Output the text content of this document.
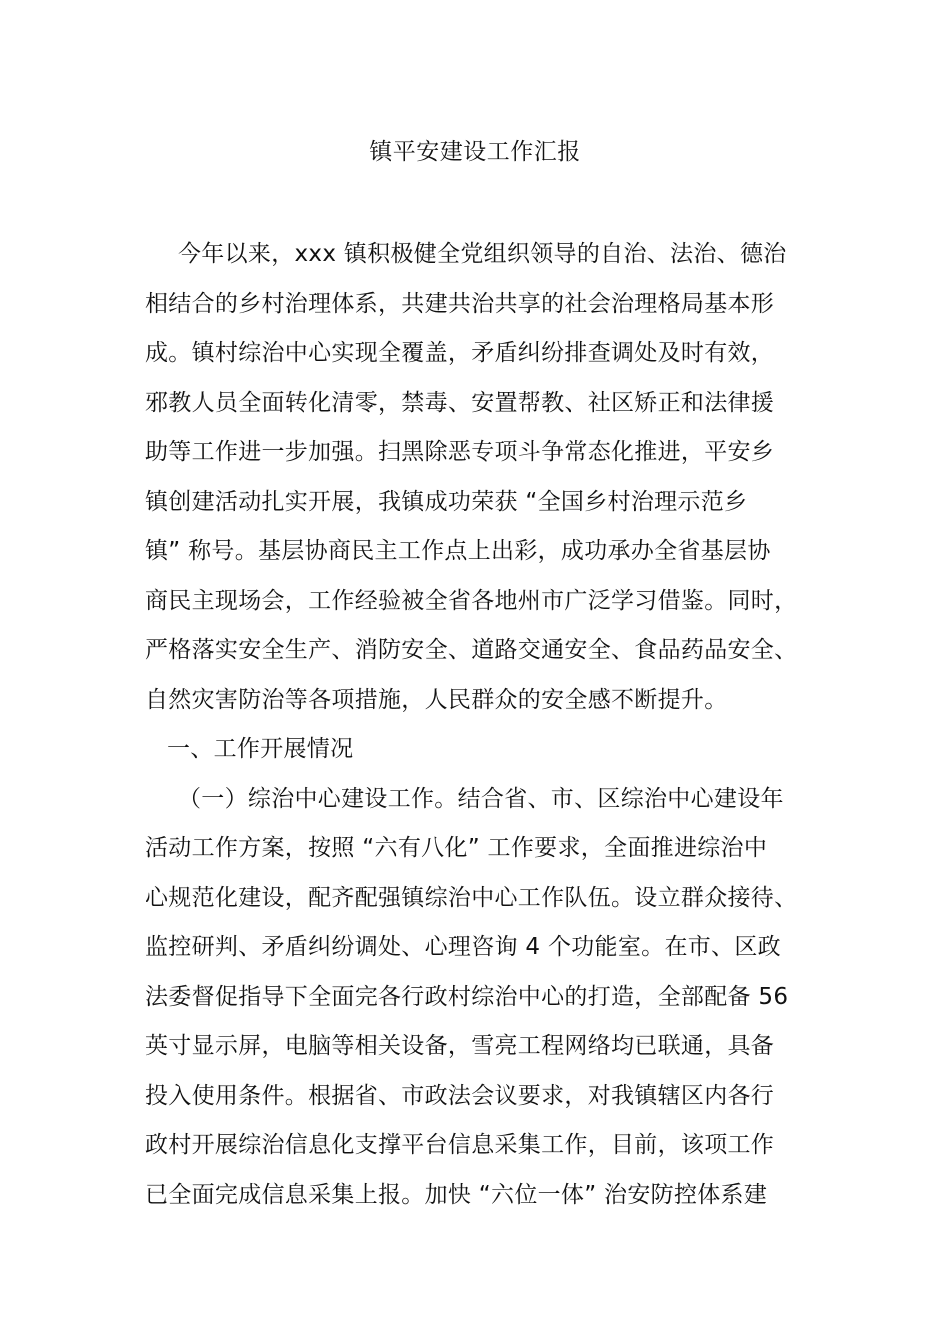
镇平安建设工作汇报
今年以来，xxx 镇积极健全党组织领导的自治、法治、德治
相结合的乡村治理体系，共建共治共享的社会治理格局基本形
成。镇村综治中心实现全覆盖，矛盾纠纷排查调处及时有效，
邪教人员全面转化清零，禁毒、安置帮教、社区矫正和法律援
助等工作进一步加强。扫黑除恶专项斗争常态化推进，平安乡
镇创建活动扎实开展，我镇成功荣获 “全国乡村治理示范乡
镇” 称号。基层协商民主工作点上出彩，成功承办全省基层协
商民主现场会，工作经验被全省各地州市广泛学习借鉴。同时，
严格落实安全生产、消防安全、道路交通安全、食品药品安全、
自然灾害防治等各项措施，人民群众的安全感不断提升。
一、工作开展情况
（一）综治中心建设工作。结合省、市、区综治中心建设年
活动工作方案，按照 “六有八化” 工作要求，全面推进综治中
心规范化建设，配齐配强镇综治中心工作队伍。设立群众接待、
监控研判、矛盾纠纷调处、心理咨询 4 个功能室。在市、区政
法委督促指导下全面完各行政村综治中心的打造，全部配备 56
英寸显示屏，电脑等相关设备，雪亮工程网络均已联通，具备
投入使用条件。根据省、市政法会议要求，对我镇辖区内各行
政村开展综治信息化支撑平台信息采集工作，目前，该项工作
已全面完成信息采集上报。加快 “六位一体” 治安防控体系建
